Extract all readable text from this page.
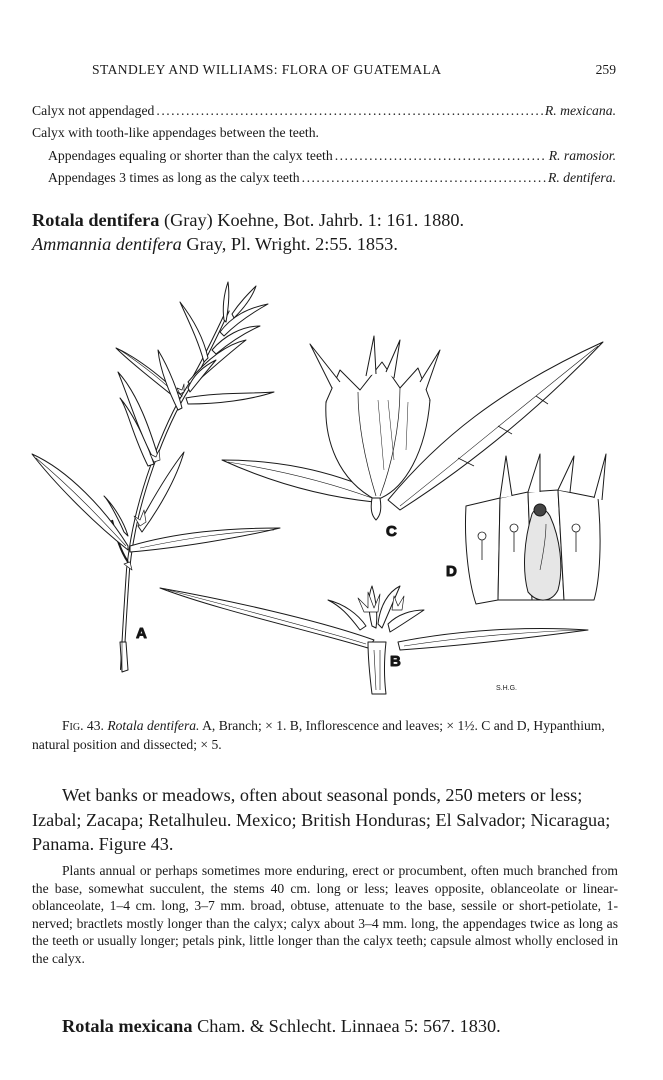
STANDLEY AND WILLIAMS: FLORA OF GUATEMALA	259
Calyx not appendaged .....	R. mexicana.
Calyx with tooth-like appendages between the teeth.
Appendages equaling or shorter than the calyx teeth .....	R. ramosior.
Appendages 3 times as long as the calyx teeth .....	R. dentifera.
Rotala dentifera (Gray) Koehne, Bot. Jahrb. 1: 161. 1880.
Ammannia dentifera Gray, Pl. Wright. 2:55. 1853.
A
C
D
B
S.H.G.
Fig. 43. Rotala dentifera. A, Branch; × 1. B, Inflorescence and leaves; × 1½. C and D, Hypanthium, natural position and dissected; × 5.
Wet banks or meadows, often about seasonal ponds, 250 meters or less; Izabal; Zacapa; Retalhuleu. Mexico; British Honduras; El Salvador; Nicaragua; Panama. Figure 43.
Plants annual or perhaps sometimes more enduring, erect or procumbent, often much branched from the base, somewhat succulent, the stems 40 cm. long or less; leaves opposite, oblanceolate or linear-oblanceolate, 1–4 cm. long, 3–7 mm. broad, obtuse, attenuate to the base, sessile or short-petiolate, 1-nerved; bractlets mostly longer than the calyx; calyx about 3–4 mm. long, the appendages twice as long as the teeth or usually longer; petals pink, little longer than the calyx teeth; capsule almost wholly enclosed in the calyx.
Rotala mexicana Cham. & Schlecht. Linnaea 5: 567. 1830.
